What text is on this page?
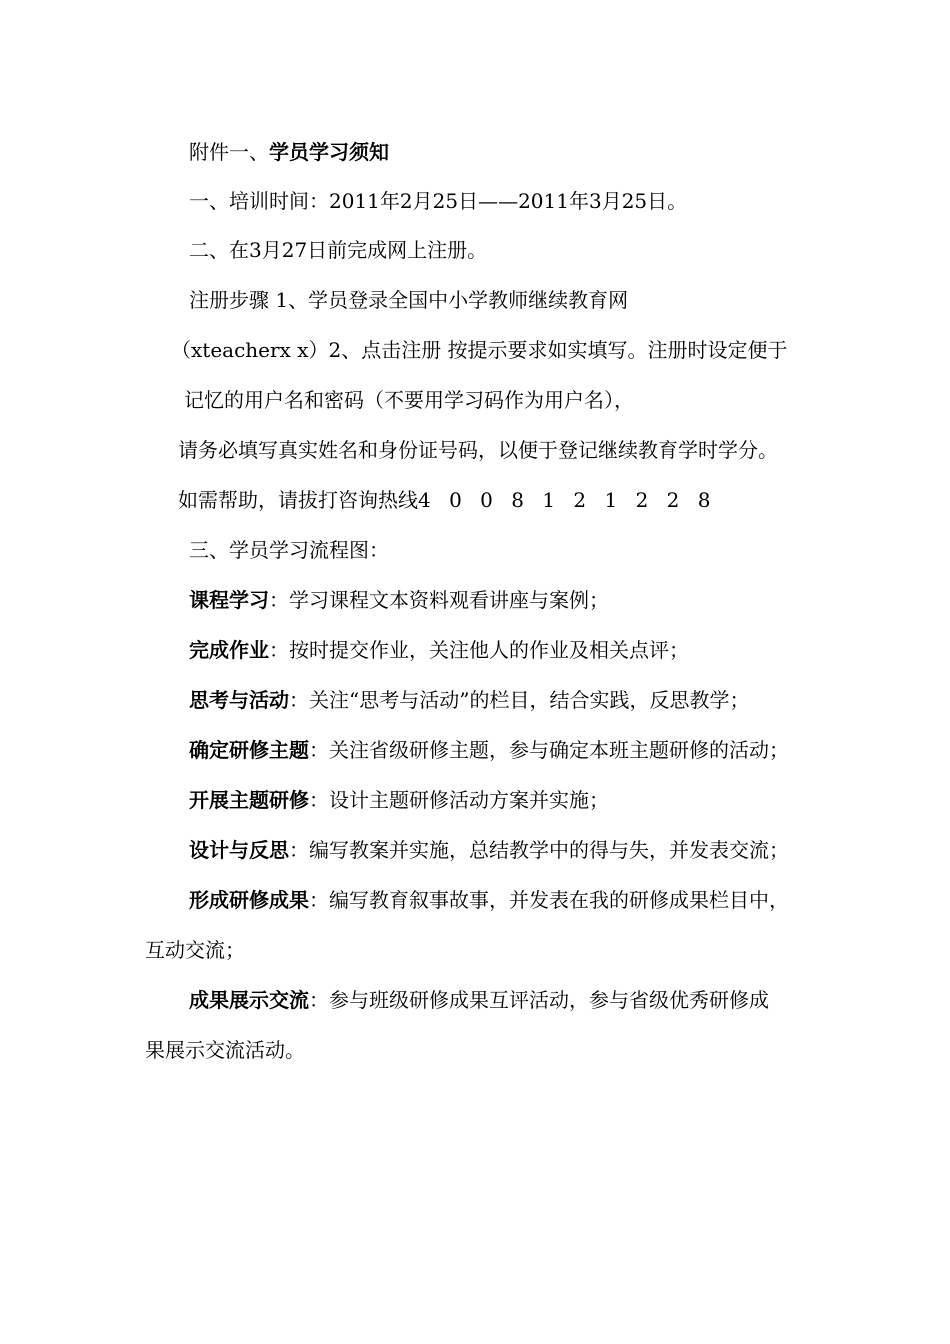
附件一、学员学习须知
一、培训时间：2011年2月25日——2011年3月25日。
二、在3月27日前完成网上注册。
注册步骤 1、学员登录全国中小学教师继续教育网
（xteacherx x）2、点击注册 按提示要求如实填写。注册时设定便于
记忆的用户名和密码（不要用学习码作为用户名），
请务必填写真实姓名和身份证号码，以便于登记继续教育学时学分。
如需帮助，请拔打咨询热线4 0 0 8 1 2 1 2 2 8
三、学员学习流程图：
课程学习：学习课程文本资料观看讲座与案例；
完成作业：按时提交作业，关注他人的作业及相关点评；
思考与活动：关注“思考与活动”的栏目，结合实践，反思教学；
确定研修主题：关注省级研修主题，参与确定本班主题研修的活动；
开展主题研修：设计主题研修活动方案并实施；
设计与反思：编写教案并实施，总结教学中的得与失，并发表交流；
形成研修成果：编写教育叙事故事，并发表在我的研修成果栏目中，
互动交流；
成果展示交流：参与班级研修成果互评活动，参与省级优秀研修成
果展示交流活动。
